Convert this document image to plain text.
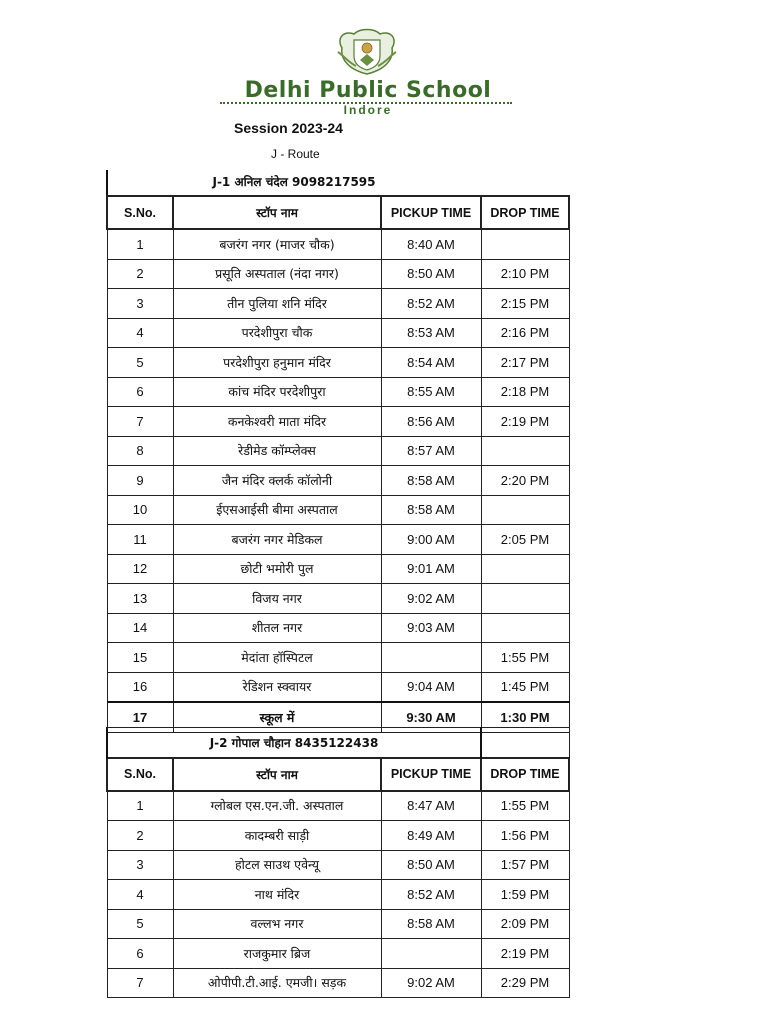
Delhi Public School
Indore
Session 2023-24
J - Route
J-1 अनिल चंदेल 9098217595
S.No.	स्टॉप नाम	PICKUP TIME	DROP TIME
1	बजरंग नगर (माजर चौक)	8:40 AM	
2	प्रसूति अस्पताल (नंदा नगर)	8:50 AM	2:10 PM
3	तीन पुलिया शनि मंदिर	8:52 AM	2:15 PM
4	परदेशीपुरा चौक	8:53 AM	2:16 PM
5	परदेशीपुरा हनुमान मंदिर	8:54 AM	2:17 PM
6	कांच मंदिर परदेशीपुरा	8:55 AM	2:18 PM
7	कनकेश्वरी माता मंदिर	8:56 AM	2:19 PM
8	रेडीमेड कॉम्प्लेक्स	8:57 AM	
9	जैन मंदिर क्लर्क कॉलोनी	8:58 AM	2:20 PM
10	ईएसआईसी बीमा अस्पताल	8:58 AM	
11	बजरंग नगर मेडिकल	9:00 AM	2:05 PM
12	छोटी भमोरी पुल	9:01 AM	
13	विजय नगर	9:02 AM	
14	शीतल नगर	9:03 AM	
15	मेदांता हॉस्पिटल		1:55 PM
16	रेडिशन स्क्वायर	9:04 AM	1:45 PM
17	स्कूल में	9:30 AM	1:30 PM
J-2 गोपाल चौहान 8435122438			
S.No.	स्टॉप नाम	PICKUP TIME	DROP TIME
1	ग्लोबल एस.एन.जी. अस्पताल	8:47 AM	1:55 PM
2	कादम्बरी साड़ी	8:49 AM	1:56 PM
3	होटल साउथ एवेन्यू	8:50 AM	1:57 PM
4	नाथ मंदिर	8:52 AM	1:59 PM
5	वल्लभ नगर	8:58 AM	2:09 PM
6	राजकुमार ब्रिज		2:19 PM
7	ओपीपी.टी.आई. एमजी। सड़क	9:02 AM	2:29 PM
